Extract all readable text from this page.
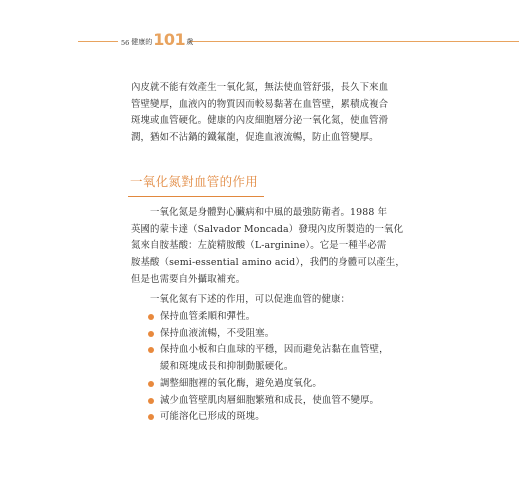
56 健康的 101 歲

內皮就不能有效產生一氧化氮，無法使血管舒張，長久下來血
管壁變厚，血液內的物質因而較易黏著在血管壁，累積成複合
斑塊或血管硬化。健康的內皮細胞層分泌一氧化氮，使血管滑
潤，猶如不沾鍋的鐵氟龍，促進血液流暢，防止血管變厚。

一氧化氮對血管的作用

一氧化氮是身體對心臟病和中風的最強防衛者。1988 年
英國的蒙卡達（Salvador Moncada）發現內皮所製造的一氧化
氮來自胺基酸：左旋精胺酸（L-arginine）。它是一種半必需
胺基酸（semi-essential amino acid），我們的身體可以產生，
但是也需要自外攝取補充。

一氧化氮有下述的作用，可以促進血管的健康：

保持血管柔順和彈性。
保持血液流暢，不受阻塞。
保持血小板和白血球的平穩，因而避免沾黏在血管壁，
緩和斑塊成長和抑制動脈硬化。
調整細胞裡的氧化酶，避免過度氧化。
減少血管壁肌肉層細胞繁殖和成長，使血管不變厚。
可能溶化已形成的斑塊。
